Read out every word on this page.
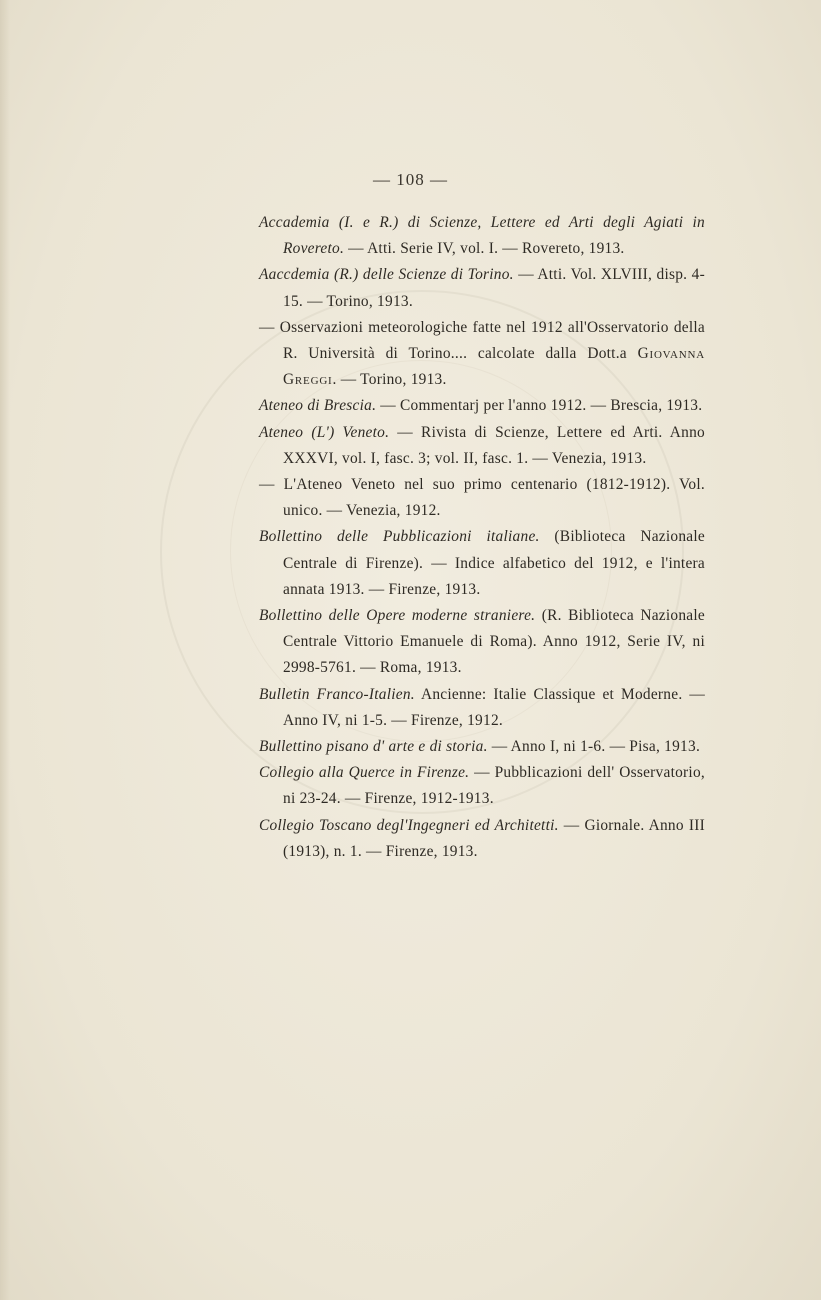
— 108 —

Accademia (I. e R.) di Scienze, Lettere ed Arti degli Agiati in Rovereto. — Atti. Serie IV, vol. I. — Rovereto, 1913.

Aaccdemia (R.) delle Scienze di Torino. — Atti. Vol. XLVIII, disp. 4-15. — Torino, 1913.

— Osservazioni meteorologiche fatte nel 1912 all'Osservatorio della R. Università di Torino.... calcolate dalla Dott.a Giovanna Greggi. — Torino, 1913.

Ateneo di Brescia. — Commentarj per l'anno 1912. — Brescia, 1913.

Ateneo (L') Veneto. — Rivista di Scienze, Lettere ed Arti. Anno XXXVI, vol. I, fasc. 3; vol. II, fasc. 1. — Venezia, 1913.

— L'Ateneo Veneto nel suo primo centenario (1812-1912). Vol. unico. — Venezia, 1912.

Bollettino delle Pubblicazioni italiane. (Biblioteca Nazionale Centrale di Firenze). — Indice alfabetico del 1912, e l'intera annata 1913. — Firenze, 1913.

Bollettino delle Opere moderne straniere. (R. Biblioteca Nazionale Centrale Vittorio Emanuele di Roma). Anno 1912, Serie IV, ni 2998-5761. — Roma, 1913.

Bulletin Franco-Italien. Ancienne: Italie Classique et Moderne. — Anno IV, ni 1-5. — Firenze, 1912.

Bullettino pisano d' arte e di storia. — Anno I, ni 1-6. — Pisa, 1913.

Collegio alla Querce in Firenze. — Pubblicazioni dell' Osservatorio, ni 23-24. — Firenze, 1912-1913.

Collegio Toscano degl'Ingegneri ed Architetti. — Giornale. Anno III (1913), n. 1. — Firenze, 1913.
